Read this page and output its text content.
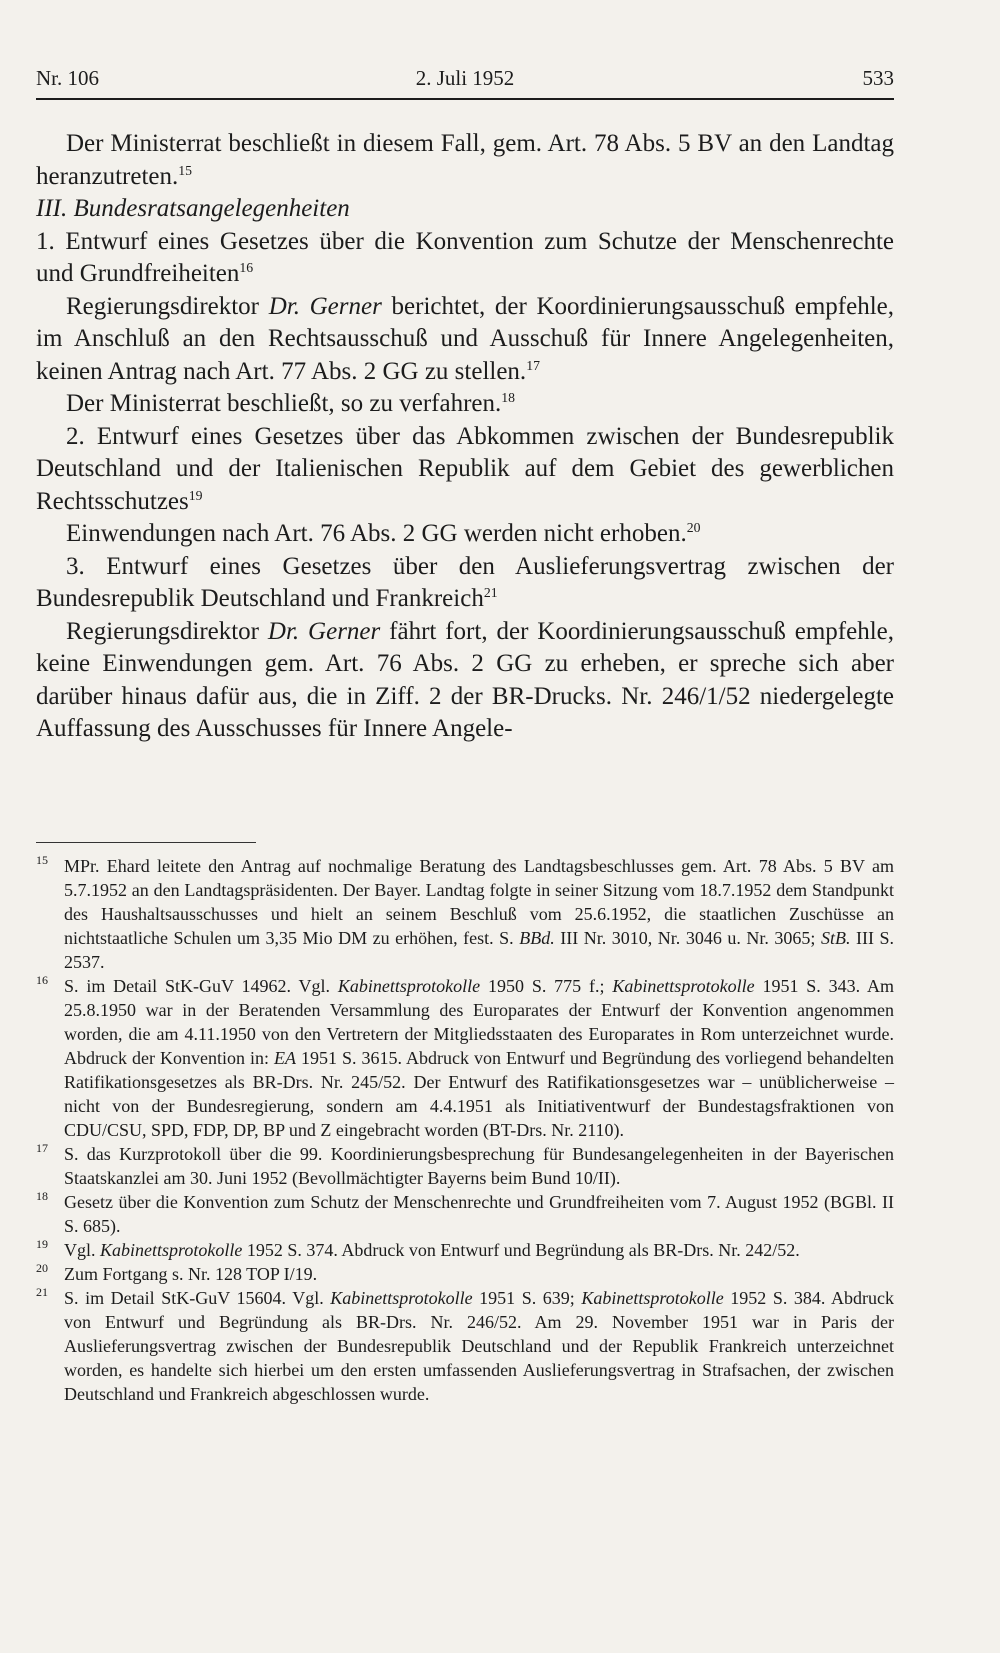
Nr. 106	2. Juli 1952	533

Der Ministerrat beschließt in diesem Fall, gem. Art. 78 Abs. 5 BV an den Landtag heranzutreten.$^{15}$

III. Bundesratsangelegenheiten

1. Entwurf eines Gesetzes über die Konvention zum Schutze der Menschenrechte und Grundfreiheiten$^{16}$

Regierungsdirektor Dr. Gerner berichtet, der Koordinierungsausschuß empfehle, im Anschluß an den Rechtsausschuß und Ausschuß für Innere Angelegenheiten, keinen Antrag nach Art. 77 Abs. 2 GG zu stellen.$^{17}$

Der Ministerrat beschließt, so zu verfahren.$^{18}$

2. Entwurf eines Gesetzes über das Abkommen zwischen der Bundesrepublik Deutschland und der Italienischen Republik auf dem Gebiet des gewerblichen Rechtsschutzes$^{19}$

Einwendungen nach Art. 76 Abs. 2 GG werden nicht erhoben.$^{20}$

3. Entwurf eines Gesetzes über den Auslieferungsvertrag zwischen der Bundesrepublik Deutschland und Frankreich$^{21}$

Regierungsdirektor Dr. Gerner fährt fort, der Koordinierungsausschuß empfehle, keine Einwendungen gem. Art. 76 Abs. 2 GG zu erheben, er spreche sich aber darüber hinaus dafür aus, die in Ziff. 2 der BR-Drucks. Nr. 246/1/52 niedergelegte Auffassung des Ausschusses für Innere Angele-

15 MPr. Ehard leitete den Antrag auf nochmalige Beratung des Landtagsbeschlusses gem. Art. 78 Abs. 5 BV am 5.7.1952 an den Landtagspräsidenten. Der Bayer. Landtag folgte in seiner Sitzung vom 18.7.1952 dem Standpunkt des Haushaltsausschusses und hielt an seinem Beschluß vom 25.6.1952, die staatlichen Zuschüsse an nichtstaatliche Schulen um 3,35 Mio DM zu erhöhen, fest. S. BBd. III Nr. 3010, Nr. 3046 u. Nr. 3065; StB. III S. 2537.
16 S. im Detail StK-GuV 14962. Vgl. Kabinettsprotokolle 1950 S. 775 f.; Kabinettsprotokolle 1951 S. 343. Am 25.8.1950 war in der Beratenden Versammlung des Europarates der Entwurf der Konvention angenommen worden, die am 4.11.1950 von den Vertretern der Mitgliedsstaaten des Europarates in Rom unterzeichnet wurde. Abdruck der Konvention in: EA 1951 S. 3615. Abdruck von Entwurf und Begründung des vorliegend behandelten Ratifikationsgesetzes als BR-Drs. Nr. 245/52. Der Entwurf des Ratifikationsgesetzes war – unüblicherweise – nicht von der Bundesregierung, sondern am 4.4.1951 als Initiativentwurf der Bundestagsfraktionen von CDU/CSU, SPD, FDP, DP, BP und Z eingebracht worden (BT-Drs. Nr. 2110).
17 S. das Kurzprotokoll über die 99. Koordinierungsbesprechung für Bundesangelegenheiten in der Bayerischen Staatskanzlei am 30. Juni 1952 (Bevollmächtigter Bayerns beim Bund 10/II).
18 Gesetz über die Konvention zum Schutz der Menschenrechte und Grundfreiheiten vom 7. August 1952 (BGBl. II S. 685).
19 Vgl. Kabinettsprotokolle 1952 S. 374. Abdruck von Entwurf und Begründung als BR-Drs. Nr. 242/52.
20 Zum Fortgang s. Nr. 128 TOP I/19.
21 S. im Detail StK-GuV 15604. Vgl. Kabinettsprotokolle 1951 S. 639; Kabinettsprotokolle 1952 S. 384. Abdruck von Entwurf und Begründung als BR-Drs. Nr. 246/52. Am 29. November 1951 war in Paris der Auslieferungsvertrag zwischen der Bundesrepublik Deutschland und der Republik Frankreich unterzeichnet worden, es handelte sich hierbei um den ersten umfassenden Auslieferungsvertrag in Strafsachen, der zwischen Deutschland und Frankreich abgeschlossen wurde.
